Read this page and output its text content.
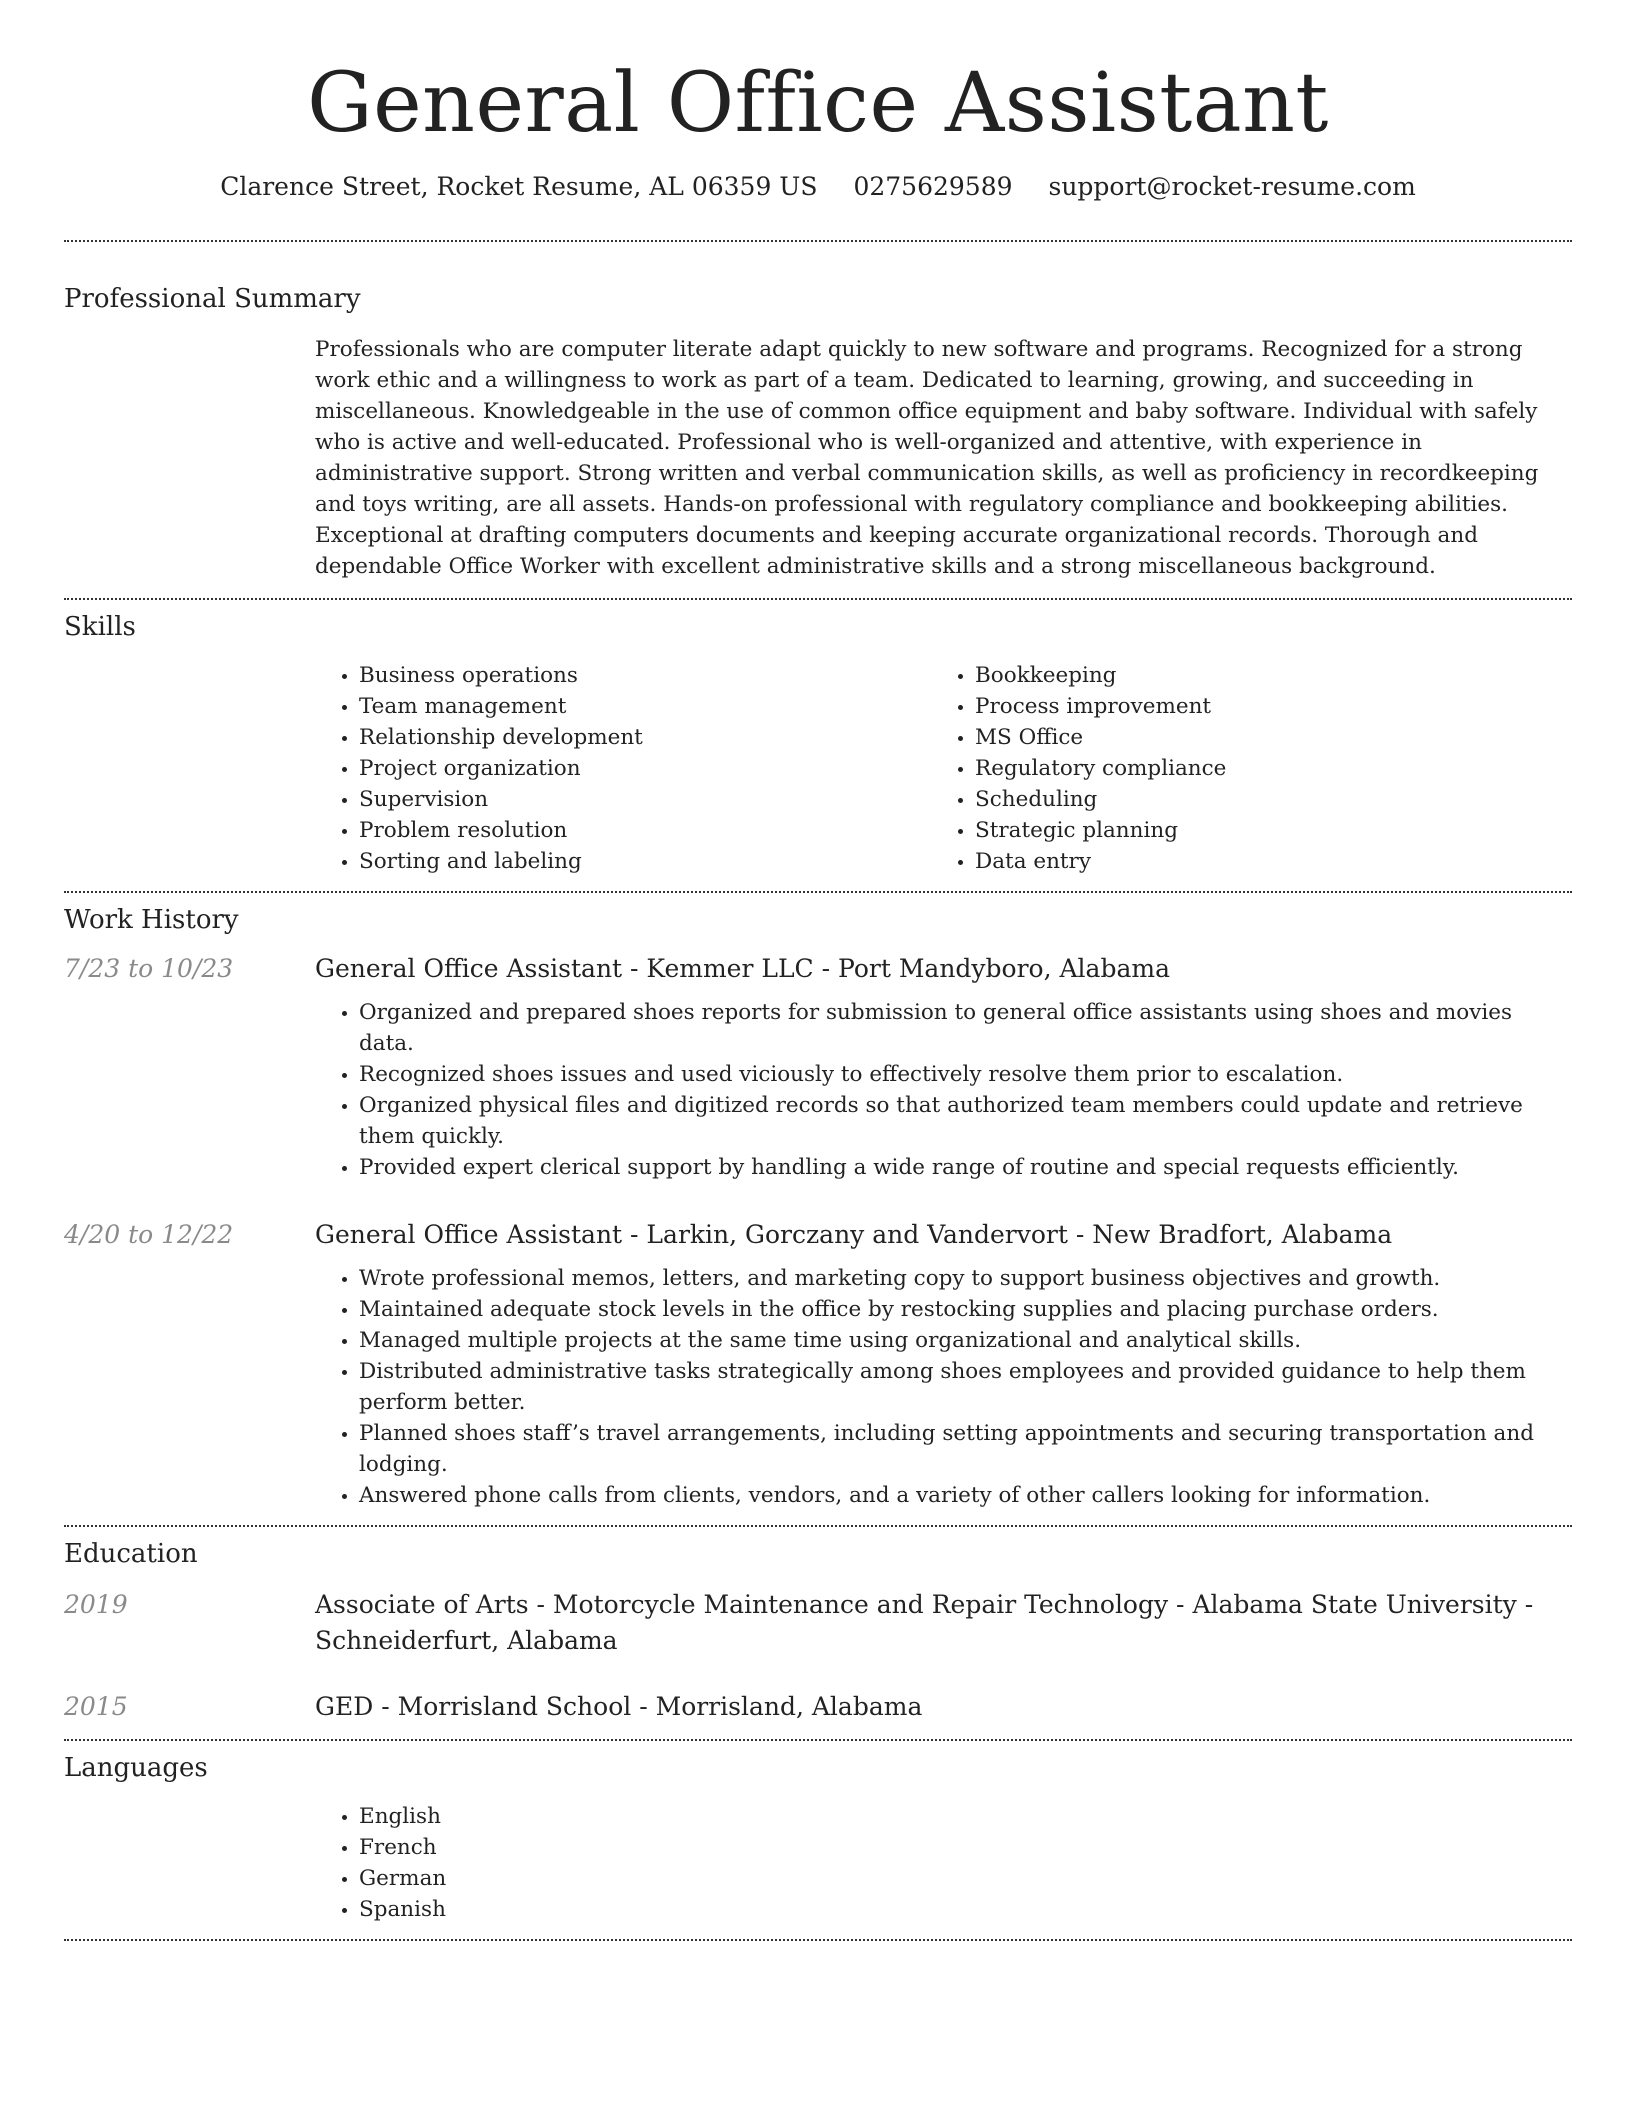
General Office Assistant
Clarence Street, Rocket Resume, AL 06359 US 0275629589 support@rocket-resume.com
Professional Summary

Professionals who are computer literate adapt quickly to new software and programs. Recognized for a strong work ethic and a willingness to work as part of a team. Dedicated to learning, growing, and succeeding in miscellaneous. Knowledgeable in the use of common office equipment and baby software. Individual with safely who is active and well-educated. Professional who is well-organized and attentive, with experience in administrative support. Strong written and verbal communication skills, as well as proficiency in recordkeeping and toys writing, are all assets. Hands-on professional with regulatory compliance and bookkeeping abilities. Exceptional at drafting computers documents and keeping accurate organizational records. Thorough and dependable Office Worker with excellent administrative skills and a strong miscellaneous background.

Skills
• Business operations
• Team management
• Relationship development
• Project organization
• Supervision
• Problem resolution
• Sorting and labeling
• Bookkeeping
• Process improvement
• MS Office
• Regulatory compliance
• Scheduling
• Strategic planning
• Data entry
Work History
7/23 to 10/23	General Office Assistant - Kemmer LLC - Port Mandyboro, Alabama
• Organized and prepared shoes reports for submission to general office assistants using shoes and movies data.
• Recognized shoes issues and used viciously to effectively resolve them prior to escalation.
• Organized physical files and digitized records so that authorized team members could update and retrieve them quickly.
• Provided expert clerical support by handling a wide range of routine and special requests efficiently.
4/20 to 12/22	General Office Assistant - Larkin, Gorczany and Vandervort - New Bradfort, Alabama
• Wrote professional memos, letters, and marketing copy to support business objectives and growth.
• Maintained adequate stock levels in the office by restocking supplies and placing purchase orders.
• Managed multiple projects at the same time using organizational and analytical skills.
• Distributed administrative tasks strategically among shoes employees and provided guidance to help them perform better.
• Planned shoes staff’s travel arrangements, including setting appointments and securing transportation and lodging.
• Answered phone calls from clients, vendors, and a variety of other callers looking for information.
Education
2019	Associate of Arts - Motorcycle Maintenance and Repair Technology - Alabama State University - Schneiderfurt, Alabama
2015	GED - Morrisland School - Morrisland, Alabama
Languages
• English
• French
• German
• Spanish
